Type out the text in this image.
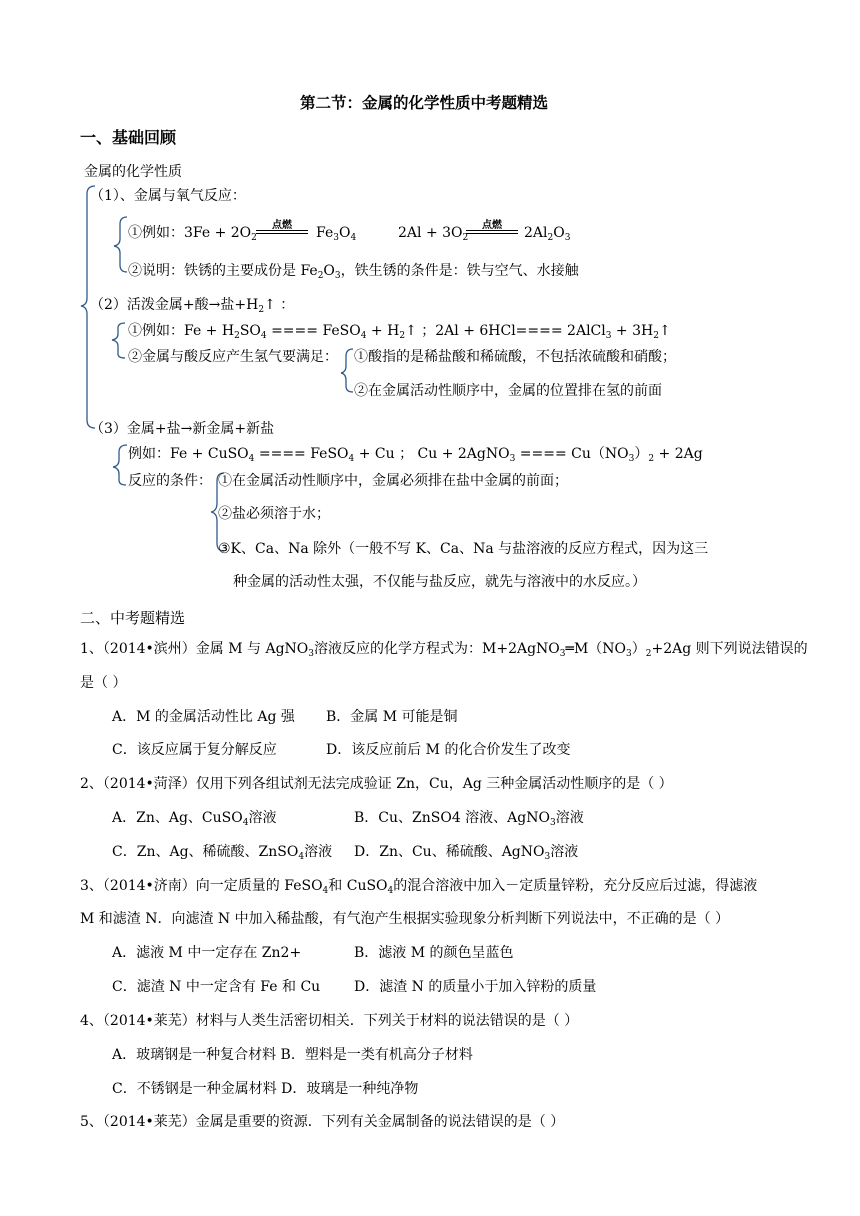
第二节：金属的化学性质中考题精选
一、基础回顾
金属的化学性质
（1）、金属与氧气反应：
①例如：$3Fe + 2O_2$
点燃	$Fe_3O_4$	$2Al + 3O_2$
点燃	$2Al_2O_3$
②说明：铁锈的主要成份是 $Fe_2O_3$，铁生锈的条件是：铁与空气、水接触
（2）活泼金属+酸→盐$+H_2↑$ ：
①例如：$Fe + H_2SO_4$ ==== FeSO$_4$ + $H_2↑$ ；2Al + 6HCl==== 2AlCl$_3$ + $3H_2↑$
②金属与酸反应产生氢气要满足： ①酸指的是稀盐酸和稀硫酸，不包括浓硫酸和硝酸；
②在金属活动性顺序中，金属的位置排在氢的前面
（3）金属+盐→新金属+新盐
例如：Fe + CuSO$_4$ ==== FeSO$_4$ + Cu ； Cu + 2AgNO$_3$ ==== $Cu(NO_3)_2 + 2Ag$
反应的条件： ①在金属活动性顺序中，金属必须排在盐中金属的前面；
②盐必须溶于水；
③K、Ca、Na 除外（一般不写 K、Ca、Na 与盐溶液的反应方程式，因为这三
种金属的活动性太强，不仅能与盐反应，就先与溶液中的水反应。）
二、中考题精选
1、（2014•滨州）金属 M 与 AgNO$_3$溶液反应的化学方程式为：$M+2AgNO_3═M(NO_3)_2+2Ag$ 则下列说法错误的
是（ ）
A．M 的金属活动性比 Ag 强 B．金属 M 可能是铜
C．该反应属于复分解反应	D．该反应前后 M 的化合价发生了改变
2、（2014•菏泽）仅用下列各组试剂无法完成验证 Zn，Cu，Ag 三种金属活动性顺序的是（ ）
A．Zn、Ag、CuSO$_4$溶液	B．Cu、ZnSO4 溶液、AgNO$_3$溶液
C．Zn、Ag、稀硫酸、ZnSO$_4$溶液 D．Zn、Cu、稀硫酸、AgNO$_3$溶液
3、（2014•济南）向一定质量的 FeSO$_4$和 CuSO$_4$的混合溶液中加入－定质量锌粉，充分反应后过滤，得滤液
M 和滤渣 N．向滤渣 N 中加入稀盐酸，有气泡产生根据实验现象分析判断下列说法中，不正确的是（ ）
A．滤液 M 中一定存在 Zn2+	B．滤液 M 的颜色呈蓝色
C．滤渣 N 中一定含有 Fe 和 Cu D．滤渣 N 的质量小于加入锌粉的质量
4、（2014•莱芜）材料与人类生活密切相关．下列关于材料的说法错误的是（ ）
A．玻璃钢是一种复合材料 B．塑料是一类有机高分子材料
C．不锈钢是一种金属材料 D．玻璃是一种纯净物
5、（2014•莱芜）金属是重要的资源．下列有关金属制备的说法错误的是（ ）
